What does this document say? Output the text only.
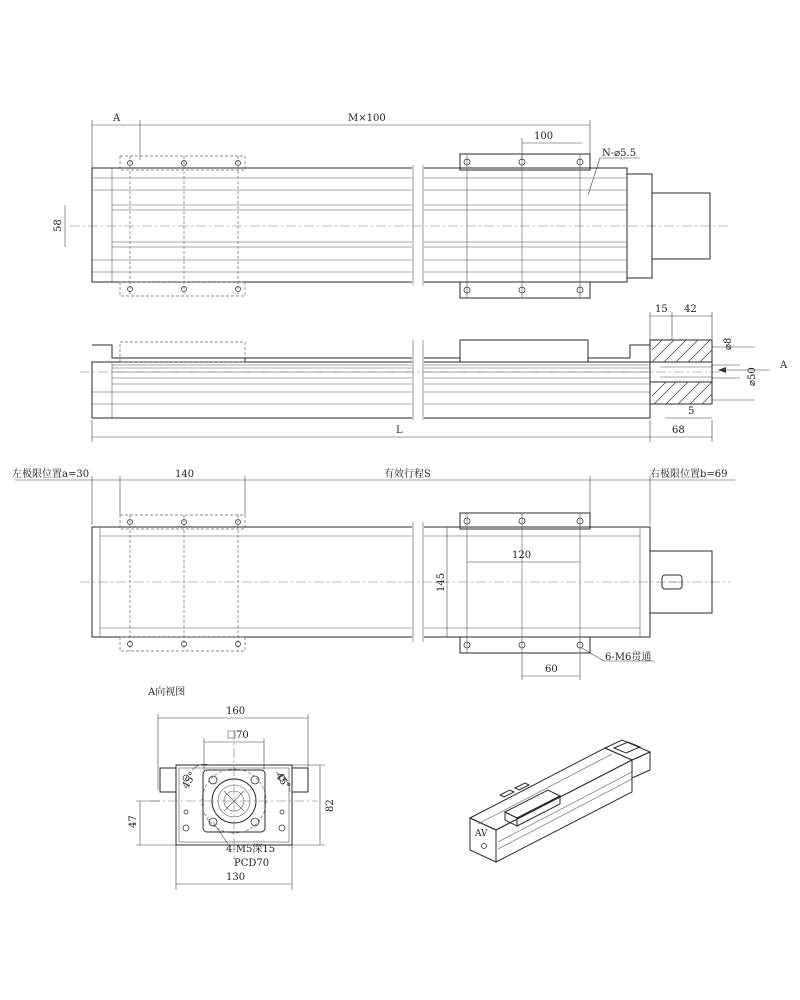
A	M×100
100
N-⌀5.5
58
15 42
⌀8
⌀50
A
5
L	68
左极限位置a=30	有效行程S	右极限位置b=69
140
120
145
60
6-M6贯通
A向视图
160
70
45°	45°
47
82
4-M5深15
PCD70
130
AV
